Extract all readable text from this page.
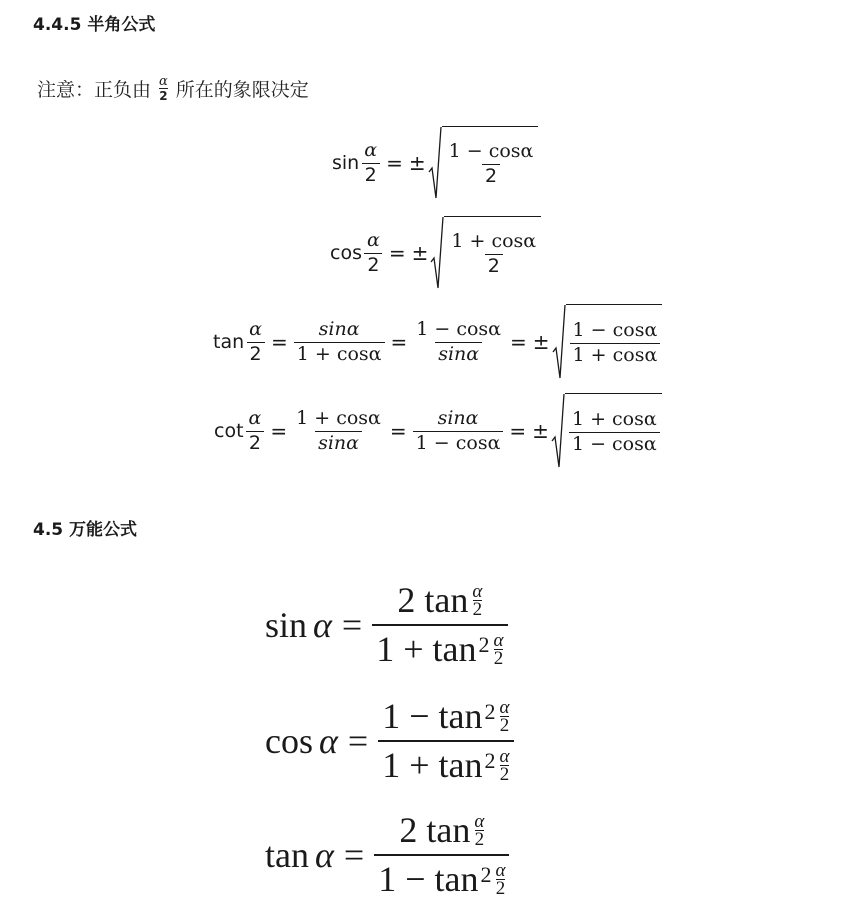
4.4.5 半角公式
注意：正负由 $\frac{\alpha}{2}$ 所在的象限决定
$\sin \frac{\alpha}{2}$ = ± $\frac{1 - \cos\alpha}{2}$
$\cos \frac{\alpha}{2}$ = ± $\frac{1 + \cos\alpha}{2}$
$\tan \frac{\alpha}{2} = \frac{\sin\alpha}{1 + \cos\alpha} = \frac{1 - \cos\alpha}{\sin\alpha}$ = ± $\frac{1 - \cos\alpha}{1 + \cos\alpha}$
$\cot \frac{\alpha}{2} = \frac{1 + \cos\alpha}{\sin\alpha} = \frac{\sin\alpha}{1 - \cos\alpha}$ = ± $\frac{1 + \cos\alpha}{1 - \cos\alpha}$
4.5 万能公式
$\sin \alpha = \frac{2 \tan \frac{\alpha}{2}}{1 + \tan^2 \frac{\alpha}{2}}$
$\cos \alpha = \frac{1 - \tan^2 \frac{\alpha}{2}}{1 + \tan^2 \frac{\alpha}{2}}$
$\tan \alpha = \frac{2 \tan \frac{\alpha}{2}}{1 - \tan^2 \frac{\alpha}{2}}$
